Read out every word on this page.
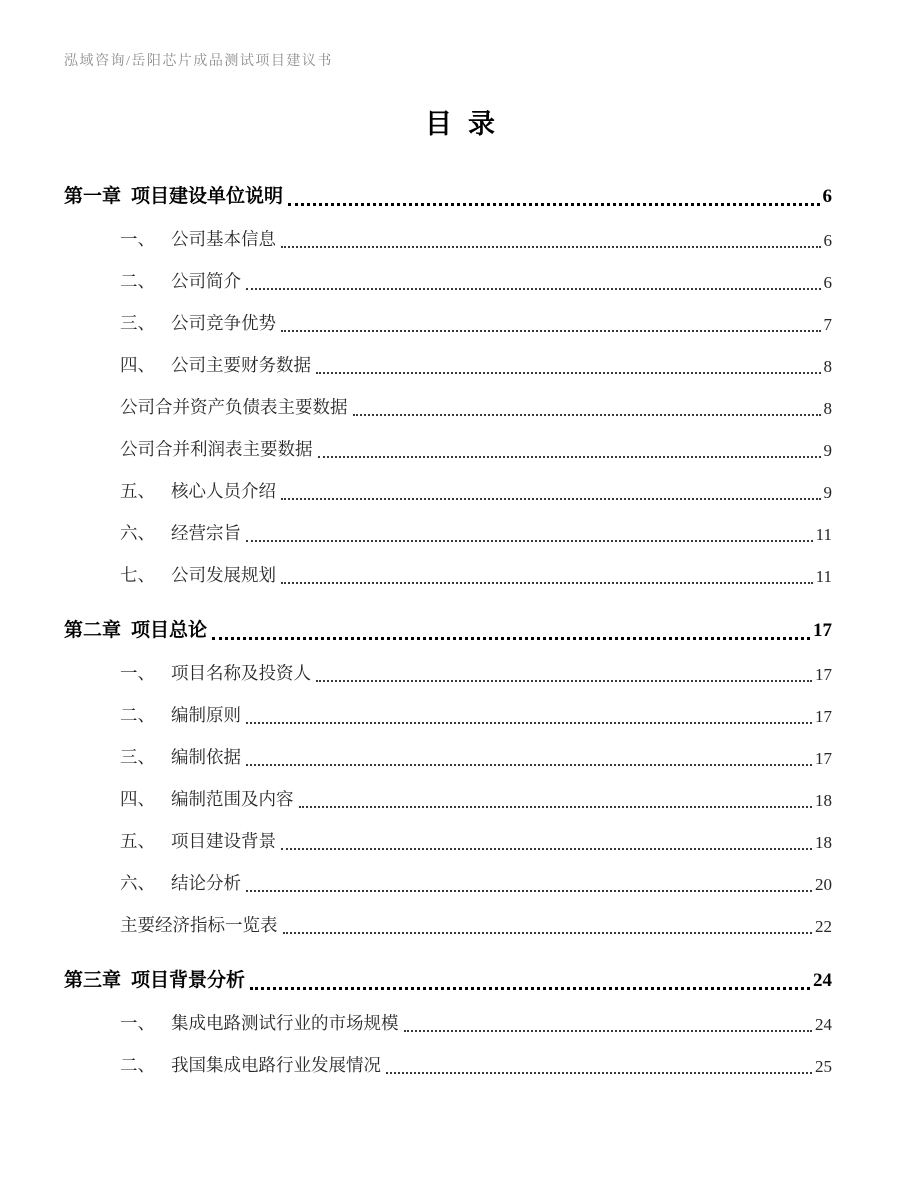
泓域咨询/岳阳芯片成品测试项目建议书
目录
第一章 项目建设单位说明	6
一、 公司基本信息	6
二、 公司简介	6
三、 公司竞争优势	7
四、 公司主要财务数据	8
公司合并资产负债表主要数据	8
公司合并利润表主要数据	9
五、 核心人员介绍	9
六、 经营宗旨	11
七、 公司发展规划	11
第二章 项目总论	17
一、 项目名称及投资人	17
二、 编制原则	17
三、 编制依据	17
四、 编制范围及内容	18
五、 项目建设背景	18
六、 结论分析	20
主要经济指标一览表	22
第三章 项目背景分析	24
一、 集成电路测试行业的市场规模	24
二、 我国集成电路行业发展情况	25
